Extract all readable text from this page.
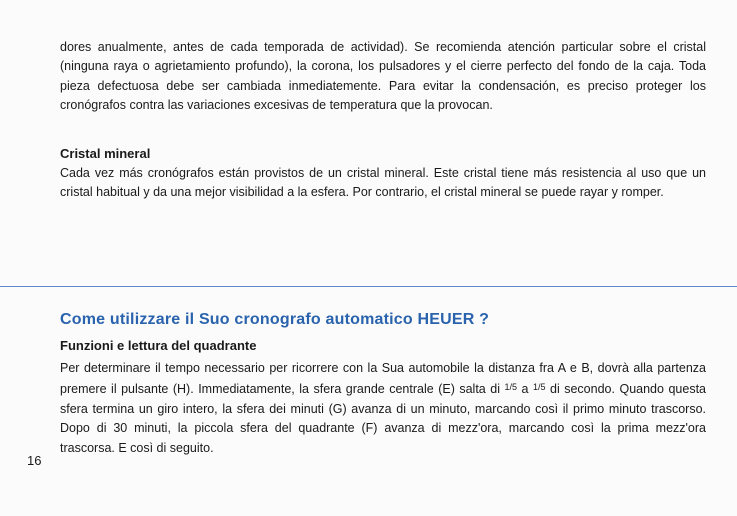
dores anualmente, antes de cada temporada de actividad). Se recomienda atención particular sobre el cristal (ninguna raya o agrietamiento profundo), la corona, los pulsadores y el cierre perfecto del fondo de la caja. Toda pieza defectuosa debe ser cambiada inmediatemente. Para evitar la condensación, es preciso proteger los cronógrafos contra las variaciones excesivas de temperatura que la provocan.

Cristal mineral

Cada vez más cronógrafos están provistos de un cristal mineral. Este cristal tiene más resistencia al uso que un cristal habitual y da una mejor visibilidad a la esfera. Por contrario, el cristal mineral se puede rayar y romper.

Come utilizzare il Suo cronografo automatico HEUER ?
Funzioni e lettura del quadrante

Per determinare il tempo necessario per ricorrere con la Sua automobile la distanza fra A e B, dovrà alla partenza premere il pulsante (H). Immediatamente, la sfera grande centrale (E) salta di $^{1/5}$ a $^{1/5}$ di secondo. Quando questa sfera termina un giro intero, la sfera dei minuti (G) avanza di un minuto, marcando così il primo minuto trascorso. Dopo di 30 minuti, la piccola sfera del quadrante (F) avanza di mezz'ora, marcando così la prima mezz'ora trascorsa. E così di seguito.

16
